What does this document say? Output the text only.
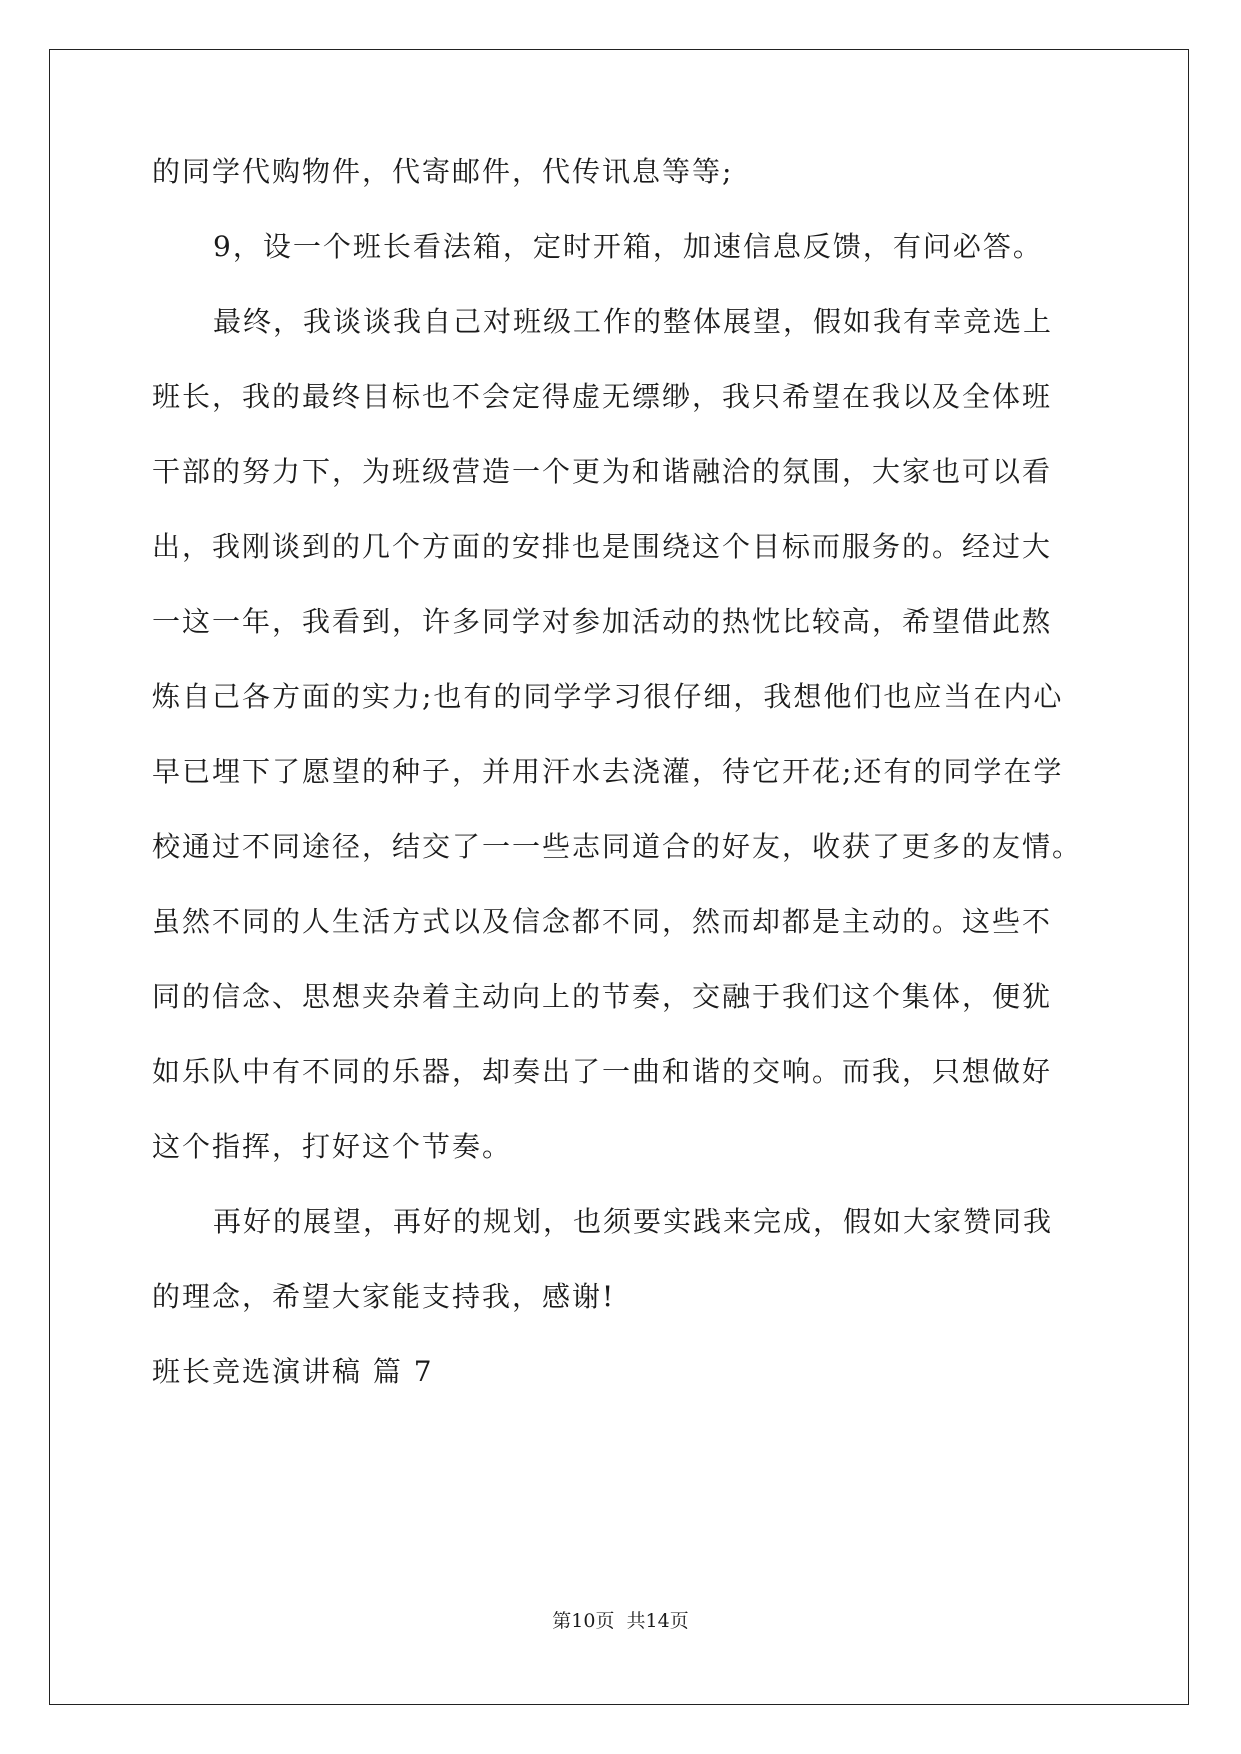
的同学代购物件，代寄邮件，代传讯息等等;
9，设一个班长看法箱，定时开箱，加速信息反馈，有问必答。
最终，我谈谈我自己对班级工作的整体展望，假如我有幸竞选上
班长，我的最终目标也不会定得虚无缥缈，我只希望在我以及全体班
干部的努力下，为班级营造一个更为和谐融洽的氛围，大家也可以看
出，我刚谈到的几个方面的安排也是围绕这个目标而服务的。经过大
一这一年，我看到，许多同学对参加活动的热忱比较高，希望借此熬
炼自己各方面的实力;也有的同学学习很仔细，我想他们也应当在内心
早已埋下了愿望的种子，并用汗水去浇灌，待它开花;还有的同学在学
校通过不同途径，结交了一一些志同道合的好友，收获了更多的友情。
虽然不同的人生活方式以及信念都不同，然而却都是主动的。这些不
同的信念、思想夹杂着主动向上的节奏，交融于我们这个集体，便犹
如乐队中有不同的乐器，却奏出了一曲和谐的交响。而我，只想做好
这个指挥，打好这个节奏。
再好的展望，再好的规划，也须要实践来完成，假如大家赞同我
的理念，希望大家能支持我，感谢!
班长竞选演讲稿 篇 7
第10页  共14页
